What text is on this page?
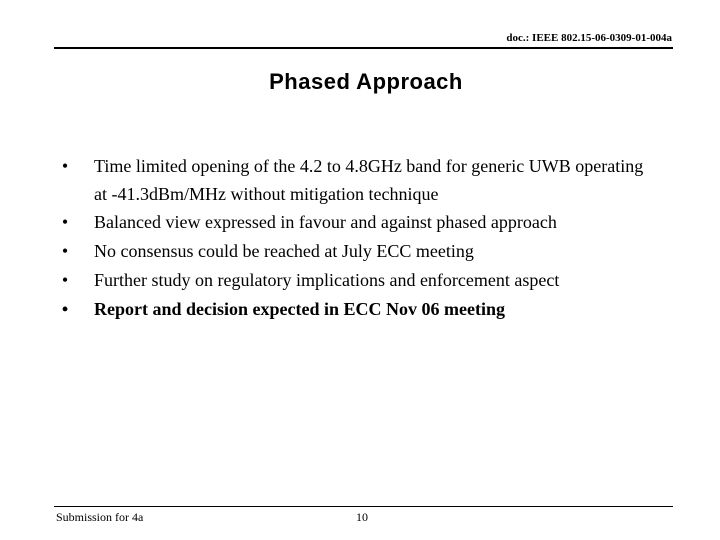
doc.: IEEE 802.15-06-0309-01-004a
Phased Approach
• Time limited opening of the 4.2 to 4.8GHz band for generic UWB operating at -41.3dBm/MHz without mitigation technique
• Balanced view expressed in favour and against phased approach
• No consensus could be reached at July ECC meeting
• Further study on regulatory implications and enforcement aspect
• Report and decision expected in ECC Nov 06 meeting
Submission for 4a	10
